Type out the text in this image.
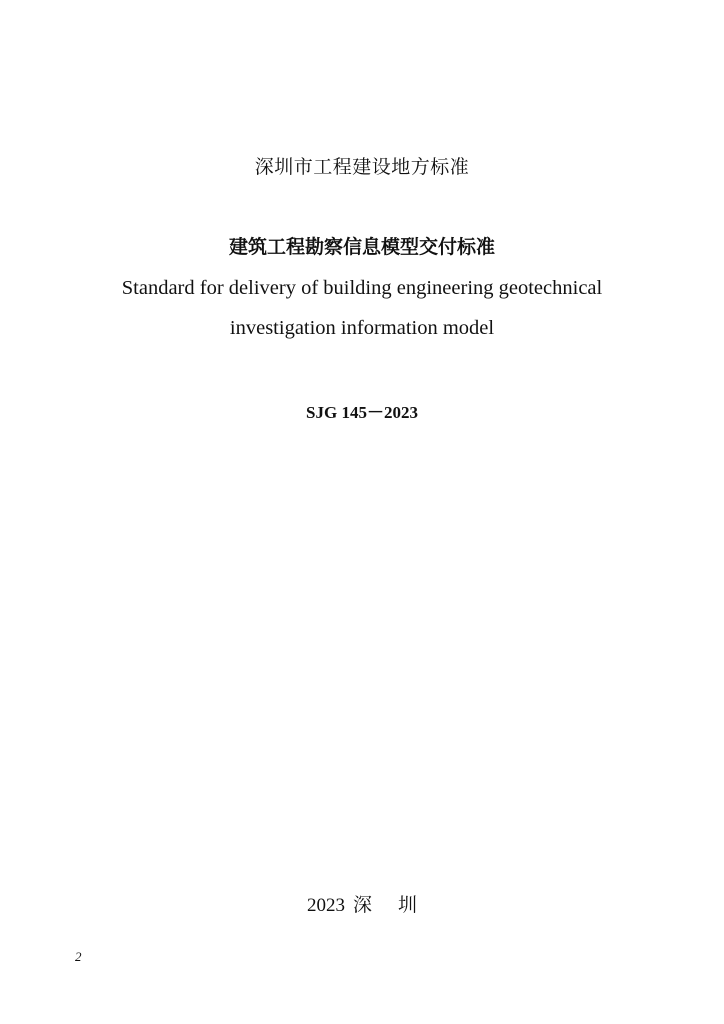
深圳市工程建设地方标准
建筑工程勘察信息模型交付标准
Standard for delivery of building engineering geotechnical
investigation information model
SJG 145－2023
2023 深 圳
2
